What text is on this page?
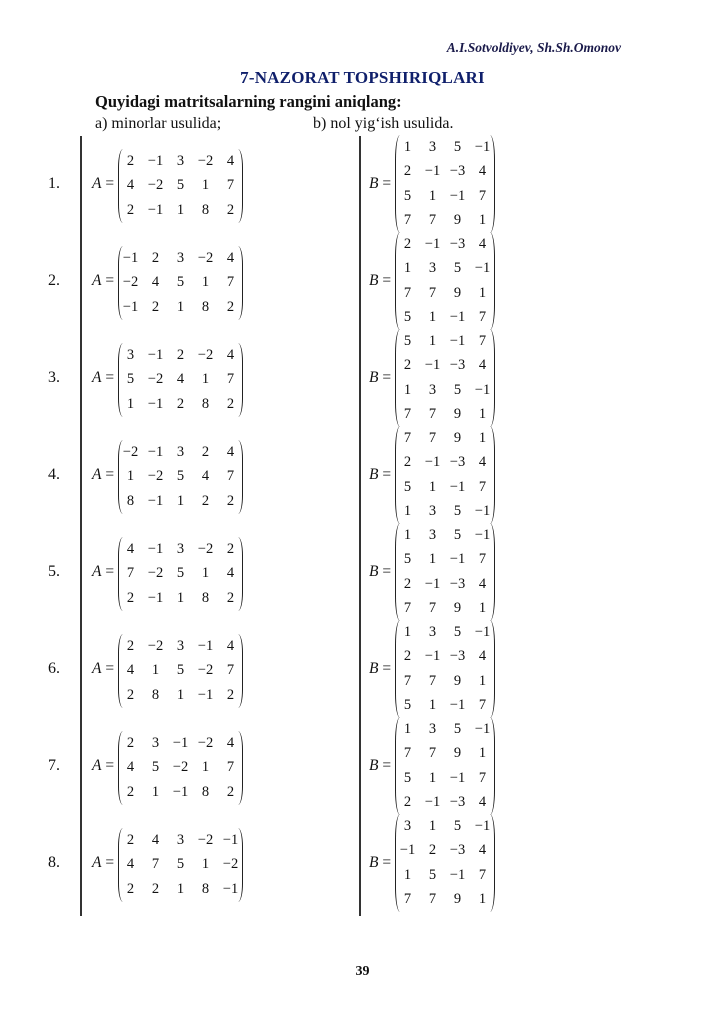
A.I.Sotvoldiyev, Sh.Sh.Omonov
7-NAZORAT TOPSHIRIQLARI
Quyidagi matritsalarning rangini aniqlang:
a) minorlar usulida;	b) nol yig‘ish usulida.
1. A =
2	−1	3	−2	4
4	−2	5	1	7
2	−1	1	8	2
B =
1	3	5	−1
2	−1	−3	4
5	1	−1	7
7	7	9	1
2. A =
−1	2	3	−2	4
−2	4	5	1	7
−1	2	1	8	2
B =
2	−1	−3	4
1	3	5	−1
7	7	9	1
5	1	−1	7
3. A =
3	−1	2	−2	4
5	−2	4	1	7
1	−1	2	8	2
B =
5	1	−1	7
2	−1	−3	4
1	3	5	−1
7	7	9	1
4. A =
−2	−1	3	2	4
1	−2	5	4	7
8	−1	1	2	2
B =
7	7	9	1
2	−1	−3	4
5	1	−1	7
1	3	5	−1
5. A =
4	−1	3	−2	2
7	−2	5	1	4
2	−1	1	8	2
B =
1	3	5	−1
5	1	−1	7
2	−1	−3	4
7	7	9	1
6. A =
2	−2	3	−1	4
4	1	5	−2	7
2	8	1	−1	2
B =
1	3	5	−1
2	−1	−3	4
7	7	9	1
5	1	−1	7
7. A =
2	3	−1	−2	4
4	5	−2	1	7
2	1	−1	8	2
B =
1	3	5	−1
7	7	9	1
5	1	−1	7
2	−1	−3	4
8. A =
2	4	3	−2	−1
4	7	5	1	−2
2	2	1	8	−1
B =
3	1	5	−1
−1	2	−3	4
1	5	−1	7
7	7	9	1
39
